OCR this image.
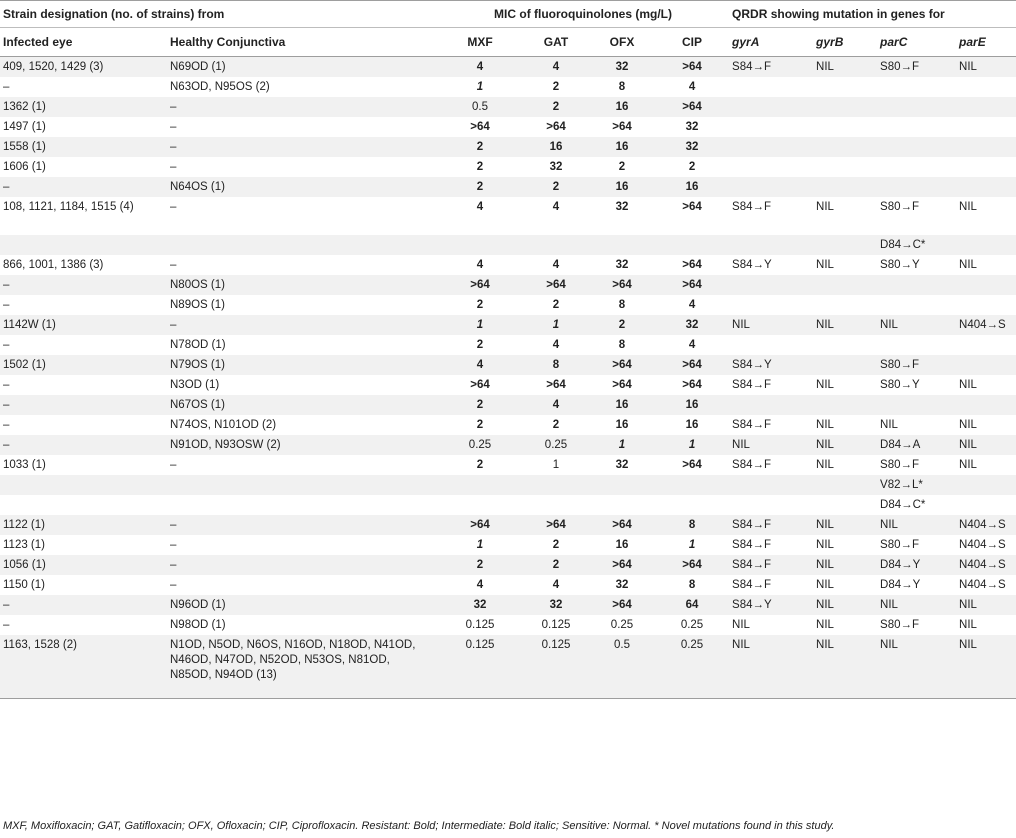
Strain designation (no. of strains) from		MIC of fluoroquinolones (mg/L)				QRDR showing mutation in genes for			
Infected eye	Healthy Conjunctiva	MXF	GAT	OFX	CIP	gyrA	gyrB	parC	parE
409, 1520, 1429 (3)	N69OD (1)	4	4	32	>64	S84→F	NIL	S80→F	NIL
–	N63OD, N95OS (2)	1	2	8	4				
1362 (1)	–	0.5	2	16	>64				
1497 (1)	–	>64	>64	>64	32				
1558 (1)	–	2	16	16	32				
1606 (1)	–	2	32	2	2				
–	N64OS (1)	2	2	16	16				
108, 1121, 1184, 1515 (4)	–	4	4	32	>64	S84→F	NIL	S80→F	NIL
								D84→C*	
866, 1001, 1386 (3)	–	4	4	32	>64	S84→Y	NIL	S80→Y	NIL
–	N80OS (1)	>64	>64	>64	>64				
–	N89OS (1)	2	2	8	4				
1142W (1)	–	1	1	2	32	NIL	NIL	NIL	N404→S
–	N78OD (1)	2	4	8	4				
1502 (1)	N79OS (1)	4	8	>64	>64	S84→Y		S80→F	
–	N3OD (1)	>64	>64	>64	>64	S84→F	NIL	S80→Y	NIL
–	N67OS (1)	2	4	16	16				
–	N74OS, N101OD (2)	2	2	16	16	S84→F	NIL	NIL	NIL
–	N91OD, N93OSW (2)	0.25	0.25	1	1	NIL	NIL	D84→A	NIL
1033 (1)	–	2	1	32	>64	S84→F	NIL	S80→F	NIL
								V82→L*	
								D84→C*	
1122 (1)	–	>64	>64	>64	8	S84→F	NIL	NIL	N404→S
1123 (1)	–	1	2	16	1	S84→F	NIL	S80→F	N404→S
1056 (1)	–	2	2	>64	>64	S84→F	NIL	D84→Y	N404→S
1150 (1)	–	4	4	32	8	S84→F	NIL	D84→Y	N404→S
–	N96OD (1)	32	32	>64	64	S84→Y	NIL	NIL	NIL
–	N98OD (1)	0.125	0.125	0.25	0.25	NIL	NIL	S80→F	NIL
1163, 1528 (2)	N1OD, N5OD, N6OS, N16OD, N18OD, N41OD, N46OD, N47OD, N52OD, N53OS, N81OD, N85OD, N94OD (13)	0.125	0.125	0.5	0.25	NIL	NIL	NIL	NIL
MXF, Moxifloxacin; GAT, Gatifloxacin; OFX, Ofloxacin; CIP, Ciprofloxacin. Resistant: Bold; Intermediate: Bold italic; Sensitive: Normal. * Novel mutations found in this study.
